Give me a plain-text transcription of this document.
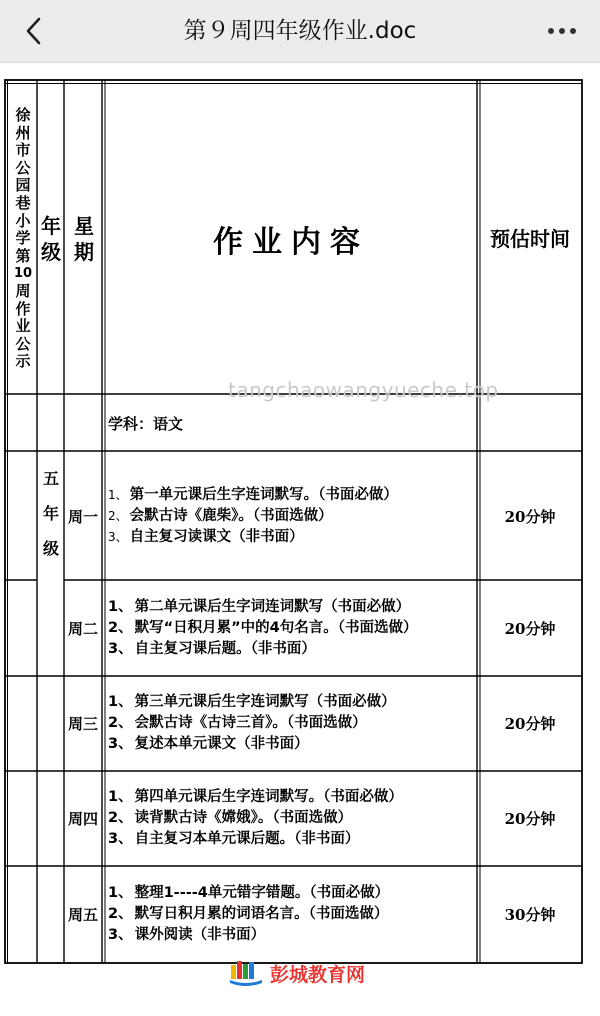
第９周四年级作业.doc
徐
州
市
公
园
巷
小
学
第
10
周
作
业
公
示
年级
星期	作业内容	预估时间
学科：语文
五
年
级
周一
1、 第一单元课后生字连词默写。（书面必做）
2、 会默古诗《鹿柴》。（书面选做）
3、 自主复习读课文（非书面）
20分钟
周二
1、 第二单元课后生字词连词默写（书面必做）
2、 默写“日积月累”中的4句名言。（书面选做）
3、 自主复习课后题。（非书面）
20分钟
周三
1、 第三单元课后生字连词默写（书面必做）
2、 会默古诗《古诗三首》。（书面选做）
3、 复述本单元课文（非书面）
20分钟
周四
1、 第四单元课后生字连词默写。（书面必做）
2、 读背默古诗《嫦娥》。（书面选做）
3、 自主复习本单元课后题。（非书面）
20分钟
周五
1、 整理1----4单元错字错题。（书面必做）
2、 默写日积月累的词语名言。（书面选做）
3、 课外阅读（非书面）
30分钟
tangchaowangyueche.top
彭城教育网
